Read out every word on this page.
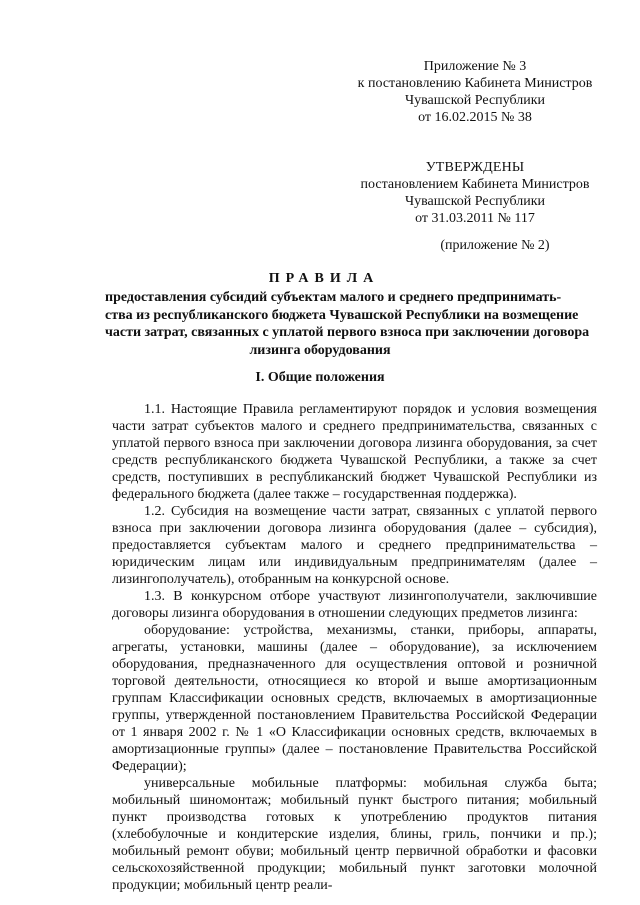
Приложение № 3
к постановлению Кабинета Министров
Чувашской Республики
от 16.02.2015 № 38
УТВЕРЖДЕНЫ
постановлением Кабинета Министров
Чувашской Республики
от 31.03.2011 № 117
(приложение № 2)
ПРАВИЛА
предоставления субсидий субъектам малого и среднего предпринимать-
ства из республиканского бюджета Чувашской Республики на возмещение
части затрат, связанных с уплатой первого взноса при заключении договора
лизинга оборудования
I. Общие положения

1.1. Настоящие Правила регламентируют порядок и условия возмещения части затрат субъектов малого и среднего предпринимательства, связанных с уплатой первого взноса при заключении договора лизинга оборудования, за счет средств республиканского бюджета Чувашской Республики, а также за счет средств, поступивших в республиканский бюджет Чувашской Республики из федерального бюджета (далее также – государственная поддержка).

1.2. Субсидия на возмещение части затрат, связанных с уплатой первого взноса при заключении договора лизинга оборудования (далее – субсидия), предоставляется субъектам малого и среднего предпринимательства – юридическим лицам или индивидуальным предпринимателям (далее – лизингополучатель), отобранным на конкурсной основе.

1.3. В конкурсном отборе участвуют лизингополучатели, заключившие договоры лизинга оборудования в отношении следующих предметов лизинга:

оборудование: устройства, механизмы, станки, приборы, аппараты, агрегаты, установки, машины (далее – оборудование), за исключением оборудования, предназначенного для осуществления оптовой и розничной торговой деятельности, относящиеся ко второй и выше амортизационным группам Классификации основных средств, включаемых в амортизационные группы, утвержденной постановлением Правительства Российской Федерации от 1 января 2002 г. № 1 «О Классификации основных средств, включаемых в амортизационные группы» (далее – постановление Правительства Российской Федерации);

универсальные мобильные платформы: мобильная служба быта; мобильный шиномонтаж; мобильный пункт быстрого питания; мобильный пункт производства готовых к употреблению продуктов питания (хлебобулочные и кондитерские изделия, блины, гриль, пончики и пр.); мобильный ремонт обуви; мобильный центр первичной обработки и фасовки сельскохозяйственной продукции; мобильный пункт заготовки молочной продукции; мобильный центр реали-
